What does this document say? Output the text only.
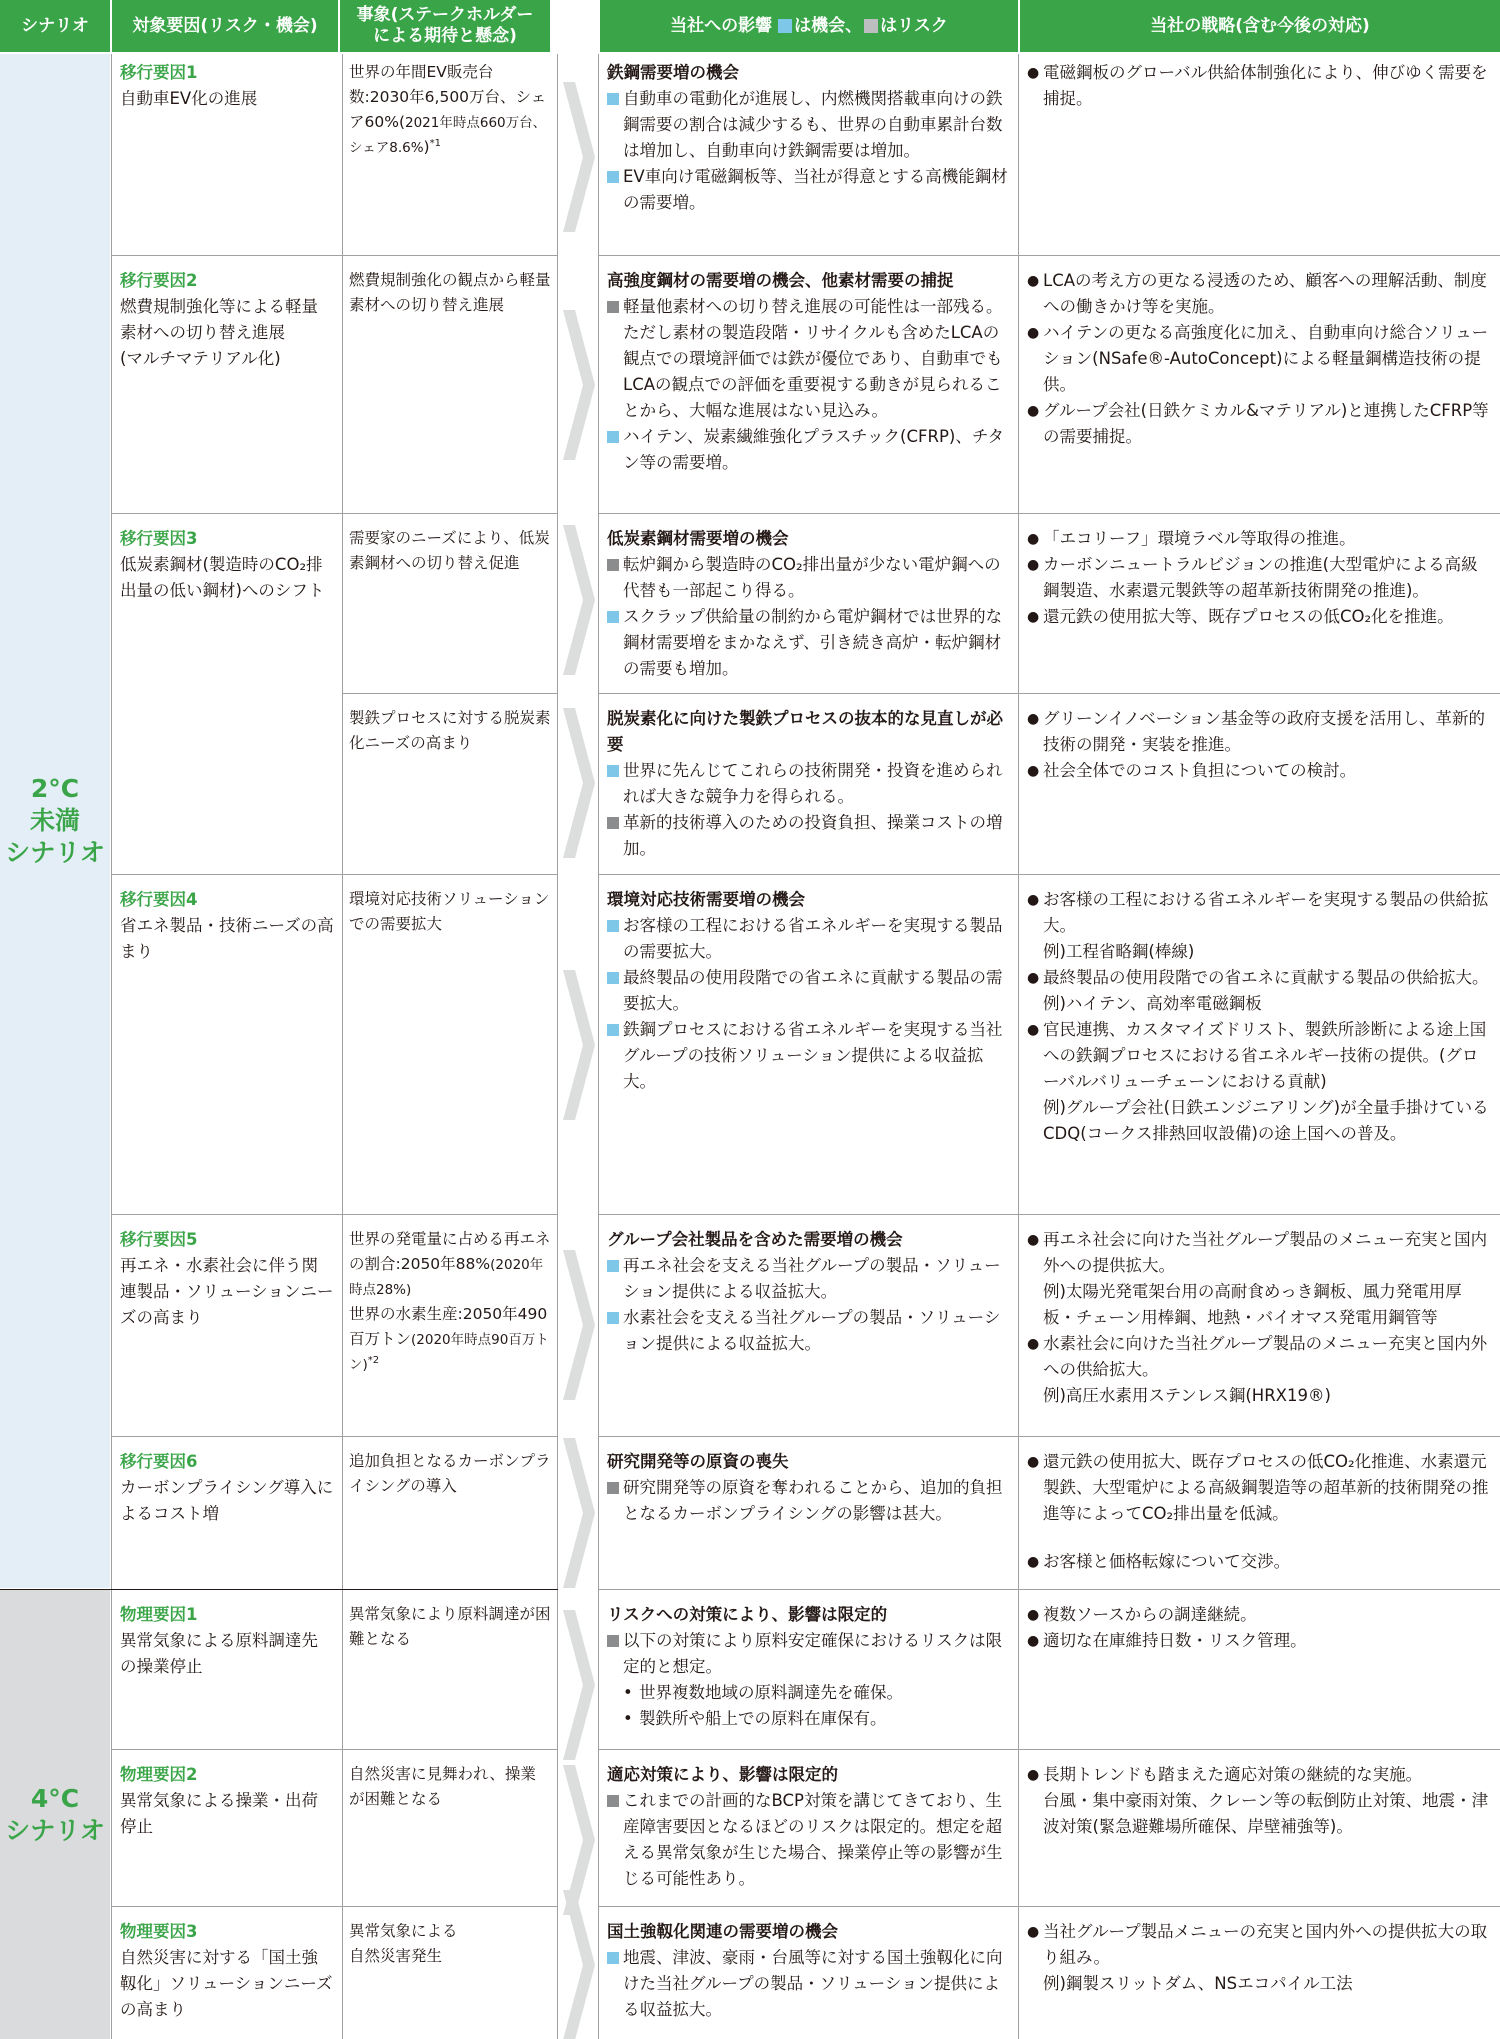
シナリオ	対象要因(リスク・機会)
事象(ステークホルダーによる期待と懸念)
当社への影響 は機会、 はリスク	当社の戦略(含む今後の対応)
2°C
未満
シナリオ
4°C
シナリオ
移行要因1
自動車EV化の進展
世界の年間EV販売台数:2030年6,500万台、シェア60%(2021年時点660万台、シェア8.6%)$^{*1}$
鉄鋼需要増の機会
自動車の電動化が進展し、内燃機関搭載車向けの鉄鋼需要の割合は減少するも、世界の自動車累計台数は増加し、自動車向け鉄鋼需要は増加。
EV車向け電磁鋼板等、当社が得意とする高機能鋼材の需要増。
● 電磁鋼板のグローバル供給体制強化により、伸びゆく需要を捕捉。
移行要因2
燃費規制強化等による軽量素材への切り替え進展
(マルチマテリアル化)
燃費規制強化の観点から軽量素材への切り替え進展
高強度鋼材の需要増の機会、他素材需要の捕捉
軽量他素材への切り替え進展の可能性は一部残る。ただし素材の製造段階・リサイクルも含めたLCAの観点での環境評価では鉄が優位であり、自動車でもLCAの観点での評価を重要視する動きが見られることから、大幅な進展はない見込み。
ハイテン、炭素繊維強化プラスチック(CFRP)、チタン等の需要増。
● LCAの考え方の更なる浸透のため、顧客への理解活動、制度への働きかけ等を実施。
● ハイテンの更なる高強度化に加え、自動車向け総合ソリューション(NSafe®-AutoConcept)による軽量鋼構造技術の提供。
● グループ会社(日鉄ケミカル&マテリアル)と連携したCFRP等の需要捕捉。
移行要因3
低炭素鋼材(製造時のCO₂排出量の低い鋼材)へのシフト
需要家のニーズにより、低炭素鋼材への切り替え促進
低炭素鋼材需要増の機会
転炉鋼から製造時のCO₂排出量が少ない電炉鋼への代替も一部起こり得る。
スクラップ供給量の制約から電炉鋼材では世界的な鋼材需要増をまかなえず、引き続き高炉・転炉鋼材の需要も増加。
● 「エコリーフ」環境ラベル等取得の推進。
● カーボンニュートラルビジョンの推進(大型電炉による高級鋼製造、水素還元製鉄等の超革新技術開発の推進)。
● 還元鉄の使用拡大等、既存プロセスの低CO₂化を推進。
製鉄プロセスに対する脱炭素化ニーズの高まり
脱炭素化に向けた製鉄プロセスの抜本的な見直しが必要
世界に先んじてこれらの技術開発・投資を進められれば大きな競争力を得られる。
革新的技術導入のための投資負担、操業コストの増加。
● グリーンイノベーション基金等の政府支援を活用し、革新的技術の開発・実装を推進。
● 社会全体でのコスト負担についての検討。
移行要因4
省エネ製品・技術ニーズの高まり
環境対応技術ソリューションでの需要拡大
環境対応技術需要増の機会
お客様の工程における省エネルギーを実現する製品の需要拡大。
最終製品の使用段階での省エネに貢献する製品の需要拡大。
鉄鋼プロセスにおける省エネルギーを実現する当社グループの技術ソリューション提供による収益拡大。
● お客様の工程における省エネルギーを実現する製品の供給拡大。
例)工程省略鋼(棒線)
● 最終製品の使用段階での省エネに貢献する製品の供給拡大。
例)ハイテン、高効率電磁鋼板
● 官民連携、カスタマイズドリスト、製鉄所診断による途上国への鉄鋼プロセスにおける省エネルギー技術の提供。(グローバルバリューチェーンにおける貢献)
例)グループ会社(日鉄エンジニアリング)が全量手掛けているCDQ(コークス排熱回収設備)の途上国への普及。
移行要因5
再エネ・水素社会に伴う関連製品・ソリューションニーズの高まり
世界の発電量に占める再エネの割合:2050年88%(2020年時点28%)
世界の水素生産:2050年490百万トン(2020年時点90百万トン)$^{*2}$
グループ会社製品を含めた需要増の機会
再エネ社会を支える当社グループの製品・ソリューション提供による収益拡大。
水素社会を支える当社グループの製品・ソリューション提供による収益拡大。
● 再エネ社会に向けた当社グループ製品のメニュー充実と国内外への提供拡大。
例)太陽光発電架台用の高耐食めっき鋼板、風力発電用厚板・チェーン用棒鋼、地熱・バイオマス発電用鋼管等
● 水素社会に向けた当社グループ製品のメニュー充実と国内外への供給拡大。
例)高圧水素用ステンレス鋼(HRX19®)
移行要因6
カーボンプライシング導入によるコスト増
追加負担となるカーボンプライシングの導入
研究開発等の原資の喪失
研究開発等の原資を奪われることから、追加的負担となるカーボンプライシングの影響は甚大。
● 還元鉄の使用拡大、既存プロセスの低CO₂化推進、水素還元製鉄、大型電炉による高級鋼製造等の超革新的技術開発の推進等によってCO₂排出量を低減。
● お客様と価格転嫁について交渉。
物理要因1
異常気象による原料調達先の操業停止
異常気象により原料調達が困難となる
リスクへの対策により、影響は限定的
以下の対策により原料安定確保におけるリスクは限定的と想定。
• 世界複数地域の原料調達先を確保。
• 製鉄所や船上での原料在庫保有。
● 複数ソースからの調達継続。
● 適切な在庫維持日数・リスク管理。
物理要因2
異常気象による操業・出荷停止
自然災害に見舞われ、操業が困難となる
適応対策により、影響は限定的
これまでの計画的なBCP対策を講じてきており、生産障害要因となるほどのリスクは限定的。想定を超える異常気象が生じた場合、操業停止等の影響が生じる可能性あり。
● 長期トレンドも踏まえた適応対策の継続的な実施。
台風・集中豪雨対策、クレーン等の転倒防止対策、地震・津波対策(緊急避難場所確保、岸壁補強等)。
物理要因3
自然災害に対する「国土強靱化」ソリューションニーズの高まり
異常気象による
自然災害発生
国土強靱化関連の需要増の機会
地震、津波、豪雨・台風等に対する国土強靱化に向けた当社グループの製品・ソリューション提供による収益拡大。
● 当社グループ製品メニューの充実と国内外への提供拡大の取り組み。
例)鋼製スリットダム、NSエコパイル工法
